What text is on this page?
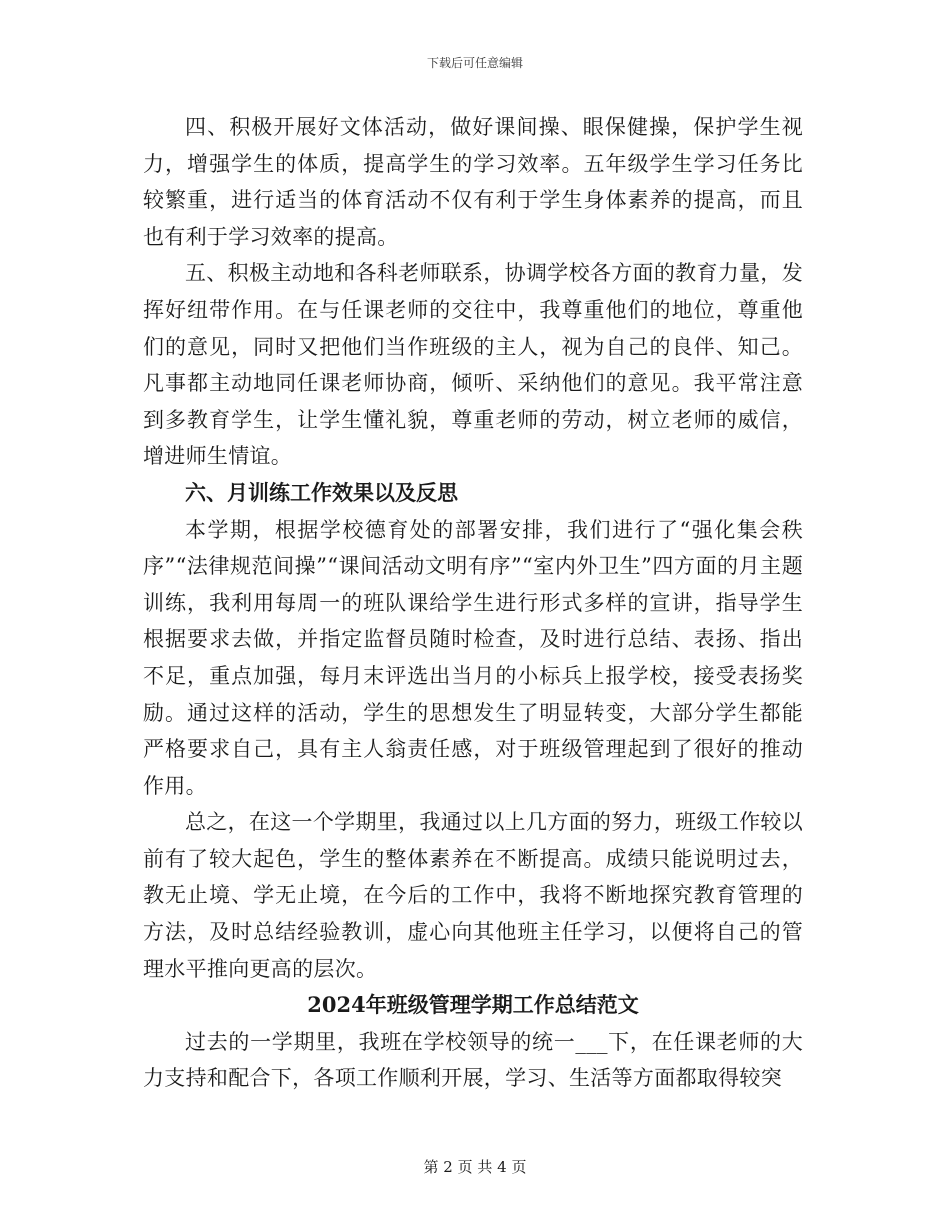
下载后可任意编辑

四、积极开展好文体活动，做好课间操、眼保健操，保护学生视力，增强学生的体质，提高学生的学习效率。五年级学生学习任务比较繁重，进行适当的体育活动不仅有利于学生身体素养的提高，而且也有利于学习效率的提高。

五、积极主动地和各科老师联系，协调学校各方面的教育力量，发挥好纽带作用。在与任课老师的交往中，我尊重他们的地位，尊重他们的意见，同时又把他们当作班级的主人，视为自己的良伴、知己。凡事都主动地同任课老师协商，倾听、采纳他们的意见。我平常注意到多教育学生，让学生懂礼貌，尊重老师的劳动，树立老师的威信，增进师生情谊。

六、月训练工作效果以及反思

本学期，根据学校德育处的部署安排，我们进行了“强化集会秩序”“法律规范间操”“课间活动文明有序”“室内外卫生”四方面的月主题训练，我利用每周一的班队课给学生进行形式多样的宣讲，指导学生根据要求去做，并指定监督员随时检查，及时进行总结、表扬、指出不足，重点加强，每月末评选出当月的小标兵上报学校，接受表扬奖励。通过这样的活动，学生的思想发生了明显转变，大部分学生都能严格要求自己，具有主人翁责任感，对于班级管理起到了很好的推动作用。

总之，在这一个学期里，我通过以上几方面的努力，班级工作较以前有了较大起色，学生的整体素养在不断提高。成绩只能说明过去，教无止境、学无止境，在今后的工作中，我将不断地探究教育管理的方法，及时总结经验教训，虚心向其他班主任学习，以便将自己的管理水平推向更高的层次。

2024年班级管理学期工作总结范文

过去的一学期里，我班在学校领导的统一___下，在任课老师的大力支持和配合下，各项工作顺利开展，学习、生活等方面都取得较突

第 2 页 共 4 页
